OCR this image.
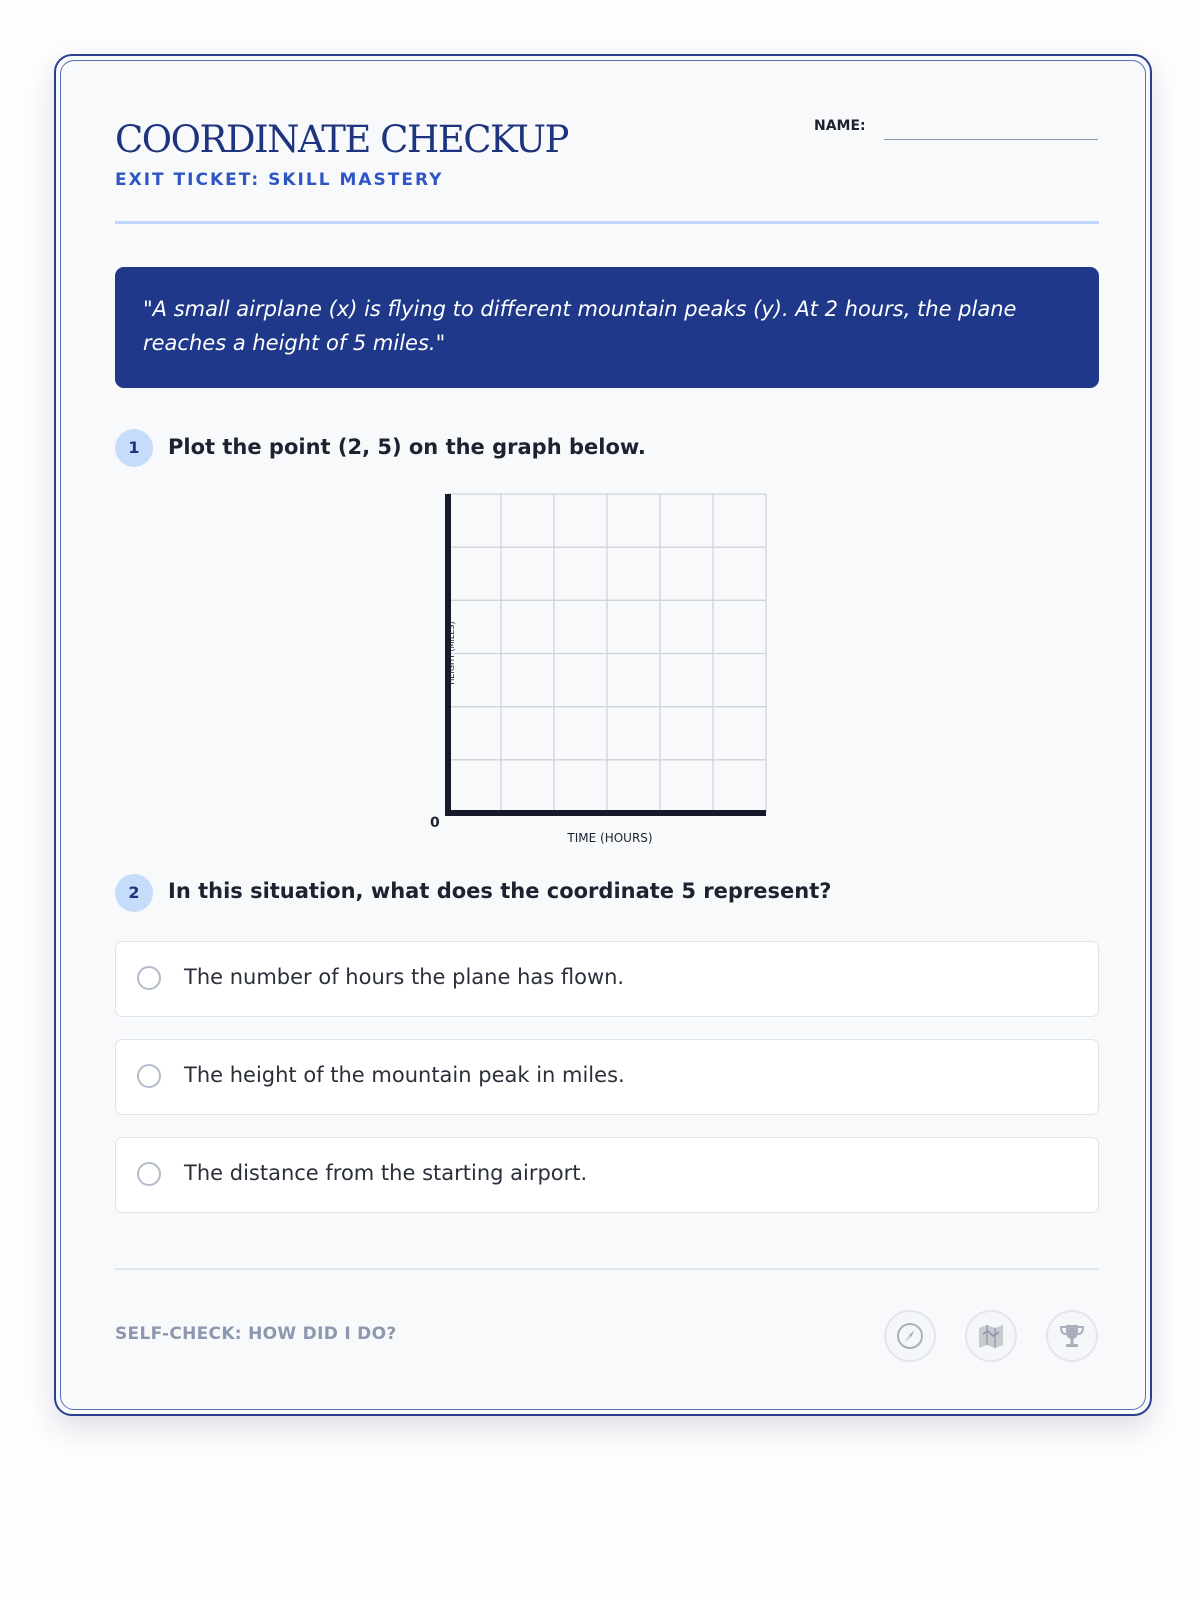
COORDINATE CHECKUP
EXIT TICKET: SKILL MASTERY
NAME:
"A small airplane (x) is flying to different mountain peaks (y). At 2 hours, the plane reaches a height of 5 miles."
1	Plot the point (2, 5) on the graph below.
0
TIME (HOURS)
HEIGHT (MILES)
2	In this situation, what does the coordinate 5 represent?
The number of hours the plane has flown.
The height of the mountain peak in miles.
The distance from the starting airport.
SELF-CHECK: HOW DID I DO?
